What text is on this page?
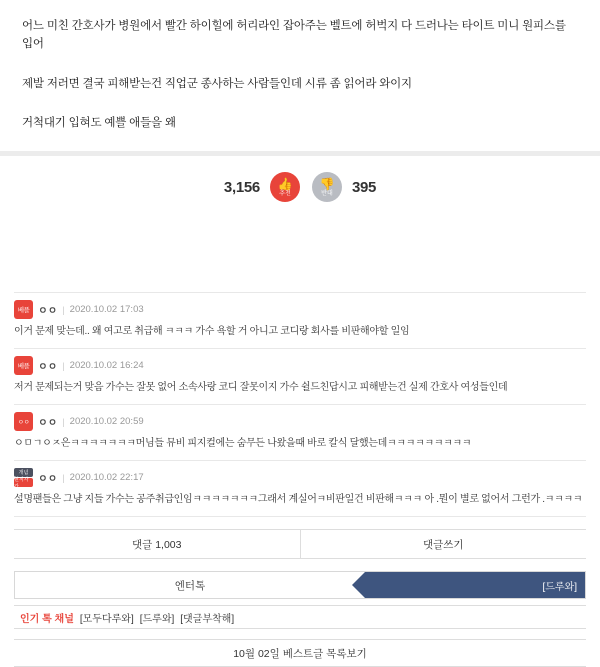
어느 미친 간호사가 병원에서 빨간 하이힐에 허리라인 잡아주는 벨트에 허벅지 다 드러나는 타이트 미니 원피스를 입어

제발 저러면 결국 피해받는건 직업군 종사하는 사람들인데 시류 좀 읽어라 와이지

거척대기 입혀도 예쁠 애들을 왜

3,156 👍
추천
👎
반대 395
베플 ㅇㅇ | 2020.10.02 17:03
이거 문제 맞는데.. 왜 여고로 취급해 ㅋㅋㅋ 가수 욕할 거 아니고 코디랑 회사를 비판해야할 일임
베플 ㅇㅇ | 2020.10.02 16:24
저거 문제되는거 맞음 가수는 잘못 없어 소속사랑 코디 잘못이지 가수 쉴드친답시고 피해받는건 실제 간호사 여성들인데
ㅇㅇ ㅇㅇ | 2020.10.02 20:59
ㅇㅁㄱㅇㅈ은ㅋㅋㅋㅋㅋㅋㅋ머님들 뮤비 피지컬에는 숨무든 나왔을때 바로 칼식 달했는데ㅋㅋㅋㅋㅋㅋㅋㅋㅋ
개념
현직자간
ㅇㅇ | 2020.10.02 22:17
설명팬들은 그냥 지들 가수는 공주취급인임ㅋㅋㅋㅋㅋㅋㅋ그래서 계실어ㅋ비판일건 비판해ㅋㅋㅋ 아 .뭔이 별로 없어서 그런가 .ㅋㅋㅋㅋ
댓글 1,003	댓글쓰기
엔터톡	[드루와]
인기 톡 채널 [모두다루와] [드루와] [댓글부착해]
10월 02일 베스트글 목록보기
